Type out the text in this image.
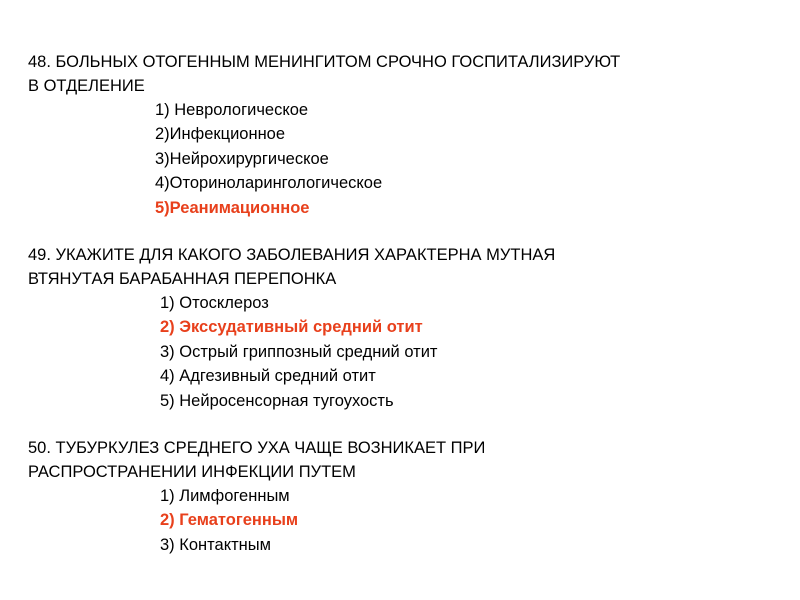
48. БОЛЬНЫХ ОТОГЕННЫМ МЕНИНГИТОМ СРОЧНО ГОСПИТАЛИЗИРУЮТ
В ОТДЕЛЕНИЕ

1) Неврологическое
2)Инфекционное
3)Нейрохирургическое
4)Оториноларингологическое
5)Реанимационное

49. УКАЖИТЕ ДЛЯ КАКОГО ЗАБОЛЕВАНИЯ ХАРАКТЕРНА МУТНАЯ
ВТЯНУТАЯ БАРАБАННАЯ ПЕРЕПОНКА

1) Отосклероз
2) Экссудативный средний отит
3) Острый гриппозный средний отит
4) Адгезивный средний отит
5) Нейросенсорная тугоухость

50. ТУБУРКУЛЕЗ СРЕДНЕГО УХА ЧАЩЕ ВОЗНИКАЕТ ПРИ
РАСПРОСТРАНЕНИИ ИНФЕКЦИИ ПУТЕМ

1) Лимфогенным
2) Гематогенным
3) Контактным
